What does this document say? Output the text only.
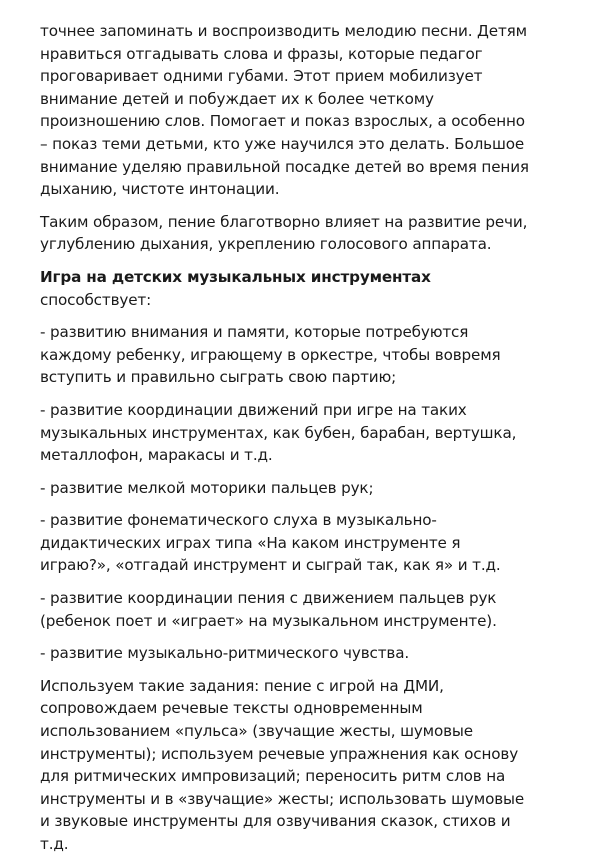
точнее запоминать и воспроизводить мелодию песни. Детям
нравиться отгадывать слова и фразы, которые педагог
проговаривает одними губами. Этот прием мобилизует
внимание детей и побуждает их к более четкому
произношению слов. Помогает и показ взрослых, а особенно
– показ теми детьми, кто уже научился это делать. Большое
внимание уделяю правильной посадке детей во время пения
дыханию, чистоте интонации.

Таким образом, пение благотворно влияет на развитие речи,
углублению дыхания, укреплению голосового аппарата.

Игра на детских музыкальных инструментах
способствует:

- развитию внимания и памяти, которые потребуются
каждому ребенку, играющему в оркестре, чтобы вовремя
вступить и правильно сыграть свою партию;

- развитие координации движений при игре на таких
музыкальных инструментах, как бубен, барабан, вертушка,
металлофон, маракасы и т.д.

- развитие мелкой моторики пальцев рук;

- развитие фонематического слуха в музыкально-
дидактических играх типа «На каком инструменте я
играю?», «отгадай инструмент и сыграй так, как я» и т.д.

- развитие координации пения с движением пальцев рук
(ребенок поет и «играет» на музыкальном инструменте).

- развитие музыкально-ритмического чувства.

Используем такие задания: пение с игрой на ДМИ,
сопровождаем речевые тексты одновременным
использованием «пульса» (звучащие жесты, шумовые
инструменты); используем речевые упражнения как основу
для ритмических импровизаций; переносить ритм слов на
инструменты и в «звучащие» жесты; использовать шумовые
и звуковые инструменты для озвучивания сказок, стихов и
т.д.
